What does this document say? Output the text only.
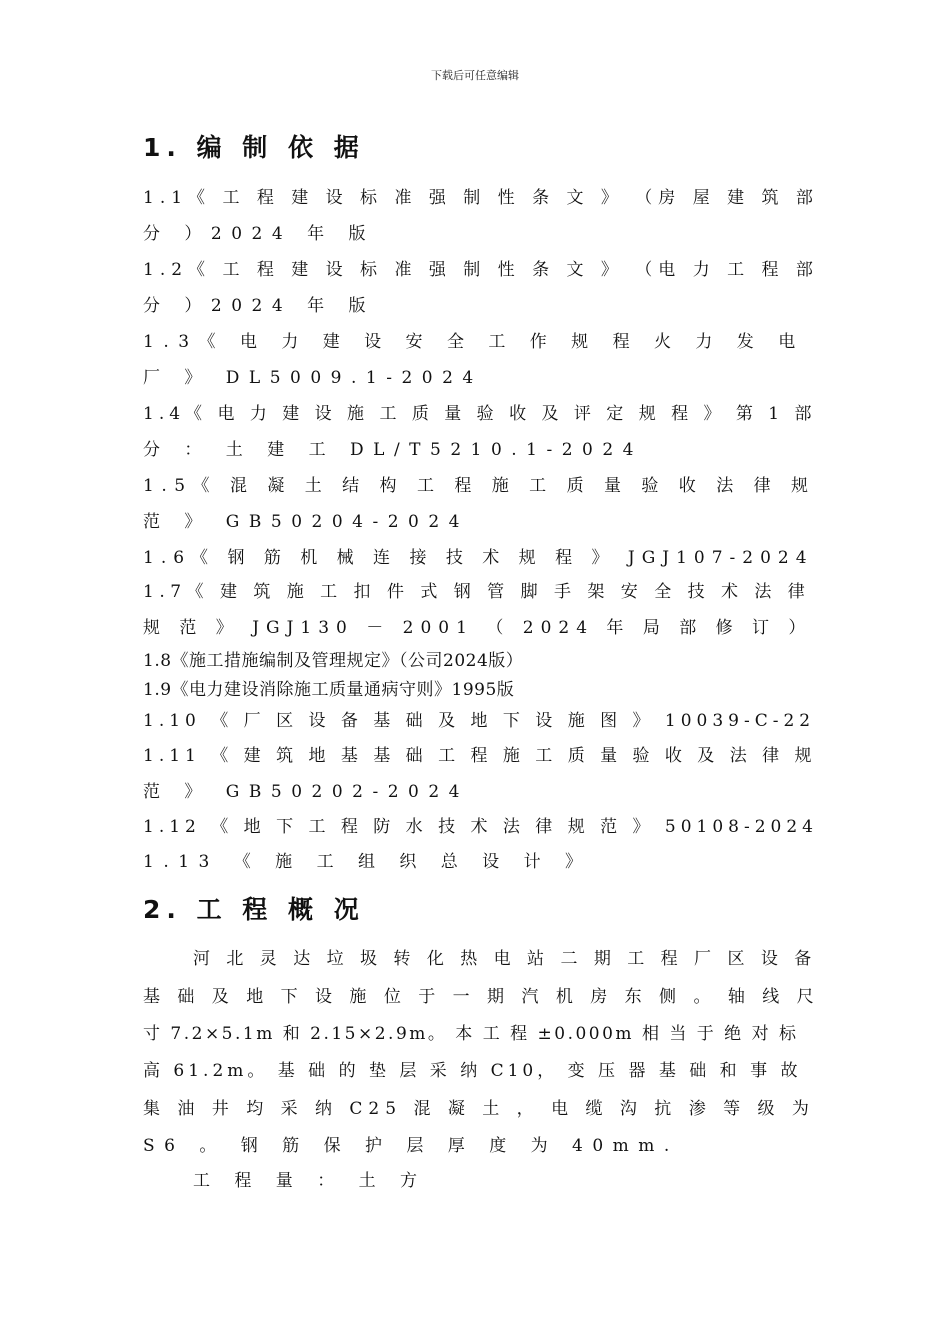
下载后可任意编辑
1. 编 制 依 据
1.1《 工 程 建 设 标 准 强 制 性 条 文 》 （房 屋 建 筑 部
分 ）2024 年 版
1.2《 工 程 建 设 标 准 强 制 性 条 文 》 （电 力 工 程 部
分 ）2024 年 版
1.3《 电 力 建 设 安 全 工 作 规 程 火 力 发 电
厂 》 DL5009.1-2024
1.4《 电 力 建 设 施 工 质 量 验 收 及 评 定 规 程 》 第 1 部
分 ： 土 建 工 DL/T5210.1-2024
1.5《 混 凝 土 结 构 工 程 施 工 质 量 验 收 法 律 规
范 》 GB50204-2024
1.6《 钢 筋 机 械 连 接 技 术 规 程 》 JGJ107-2024
1.7《 建 筑 施 工 扣 件 式 钢 管 脚 手 架 安 全 技 术 法 律
规 范 》 JGJ130 － 2001 （ 2024 年 局 部 修 订 ）
1.8《施工措施编制及管理规定》（公司2024版）
1.9《电力建设消除施工质量通病守则》1995版
1.10 《 厂 区 设 备 基 础 及 地 下 设 施 图 》 10039-C-22
1.11 《 建 筑 地 基 基 础 工 程 施 工 质 量 验 收 及 法 律 规
范 》 GB50202-2024
1.12 《 地 下 工 程 防 水 技 术 法 律 规 范 》 50108-2024
1.13 《 施 工 组 织 总 设 计 》
2. 工 程 概 况
河 北 灵 达 垃 圾 转 化 热 电 站 二 期 工 程 厂 区 设 备
基 础 及 地 下 设 施 位 于 一 期 汽 机 房 东 侧 。 轴 线 尺
寸 7.2×5.1m 和 2.15×2.9m。 本 工 程 ±0.000m 相 当 于 绝 对 标
高 61.2m。 基 础 的 垫 层 采 纳 C10， 变 压 器 基 础 和 事 故
集 油 井 均 采 纳 C25 混 凝 土 ， 电 缆 沟 抗 渗 等 级 为
S6 。 钢 筋 保 护 层 厚 度 为 40mm.
工 程 量 ： 土 方
